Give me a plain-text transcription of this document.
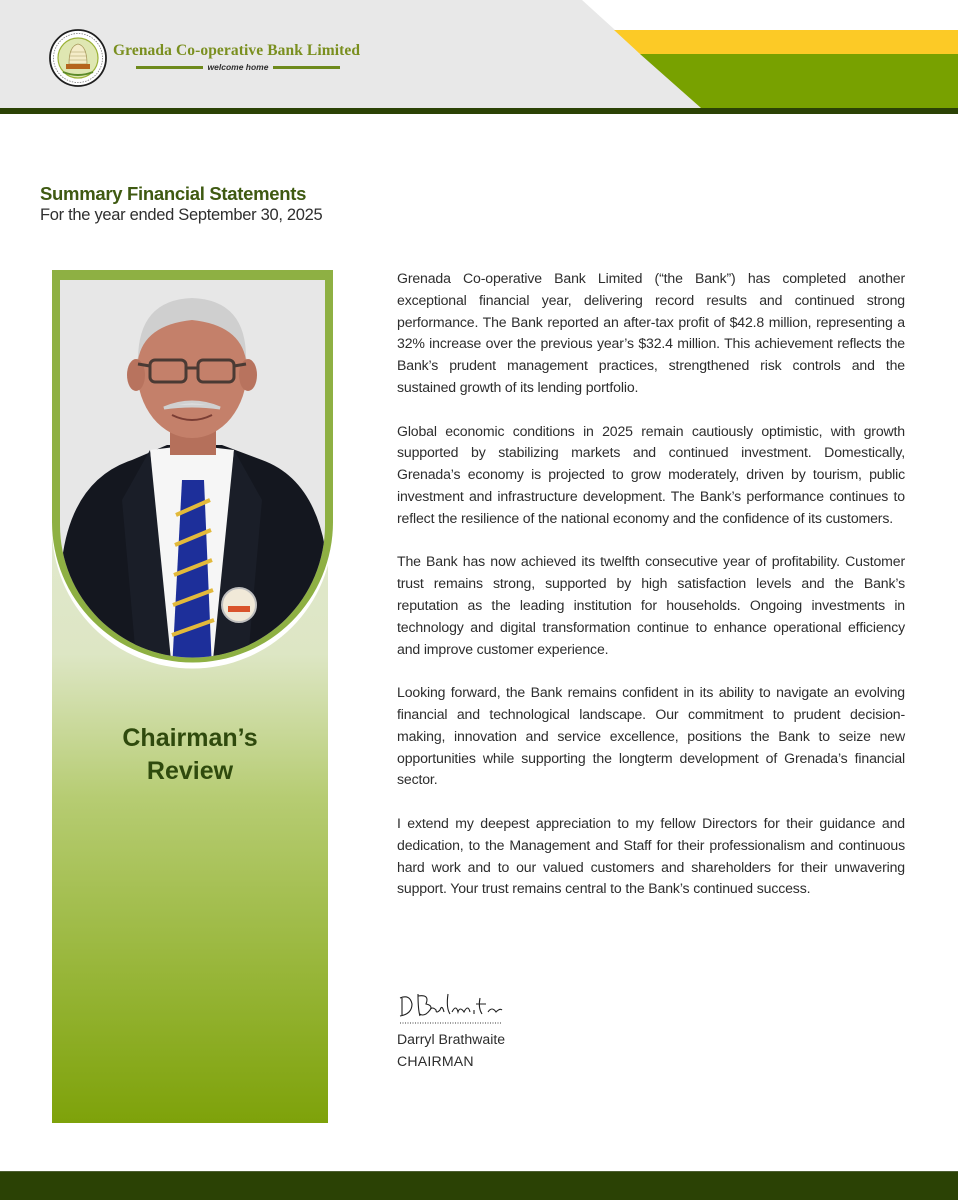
Grenada Co-operative Bank Limited
welcome home
Summary Financial Statements
For the year ended September 30, 2025
Chairman’s
Review

Grenada Co-operative Bank Limited (“the Bank”) has completed another exceptional financial year, delivering record results and continued strong performance. The Bank reported an after-tax profit of $42.8 million, representing a 32% increase over the previous year’s $32.4 million. This achievement reflects the Bank’s prudent management practices, strengthened risk controls and the sustained growth of its lending portfolio.

Global economic conditions in 2025 remain cautiously optimistic, with growth supported by stabilizing markets and continued investment. Domestically, Grenada’s economy is projected to grow moderately, driven by tourism, public investment and infrastructure development. The Bank’s performance continues to reflect the resilience of the national economy and the confidence of its customers.

The Bank has now achieved its twelfth consecutive year of profitability. Customer trust remains strong, supported by high satisfaction levels and the Bank’s reputation as the leading institution for households. Ongoing investments in technology and digital transformation continue to enhance operational efficiency and improve customer experience.

Looking forward, the Bank remains confident in its ability to navigate an evolving financial and technological landscape. Our commitment to prudent decision-making, innovation and service excellence, positions the Bank to seize new opportunities while supporting the longterm development of Grenada’s financial sector.

I extend my deepest appreciation to my fellow Directors for their guidance and dedication, to the Management and Staff for their professionalism and continuous hard work and to our valued customers and shareholders for their unwavering support. Your trust remains central to the Bank’s continued success.

Darryl Brathwaite
CHAIRMAN
